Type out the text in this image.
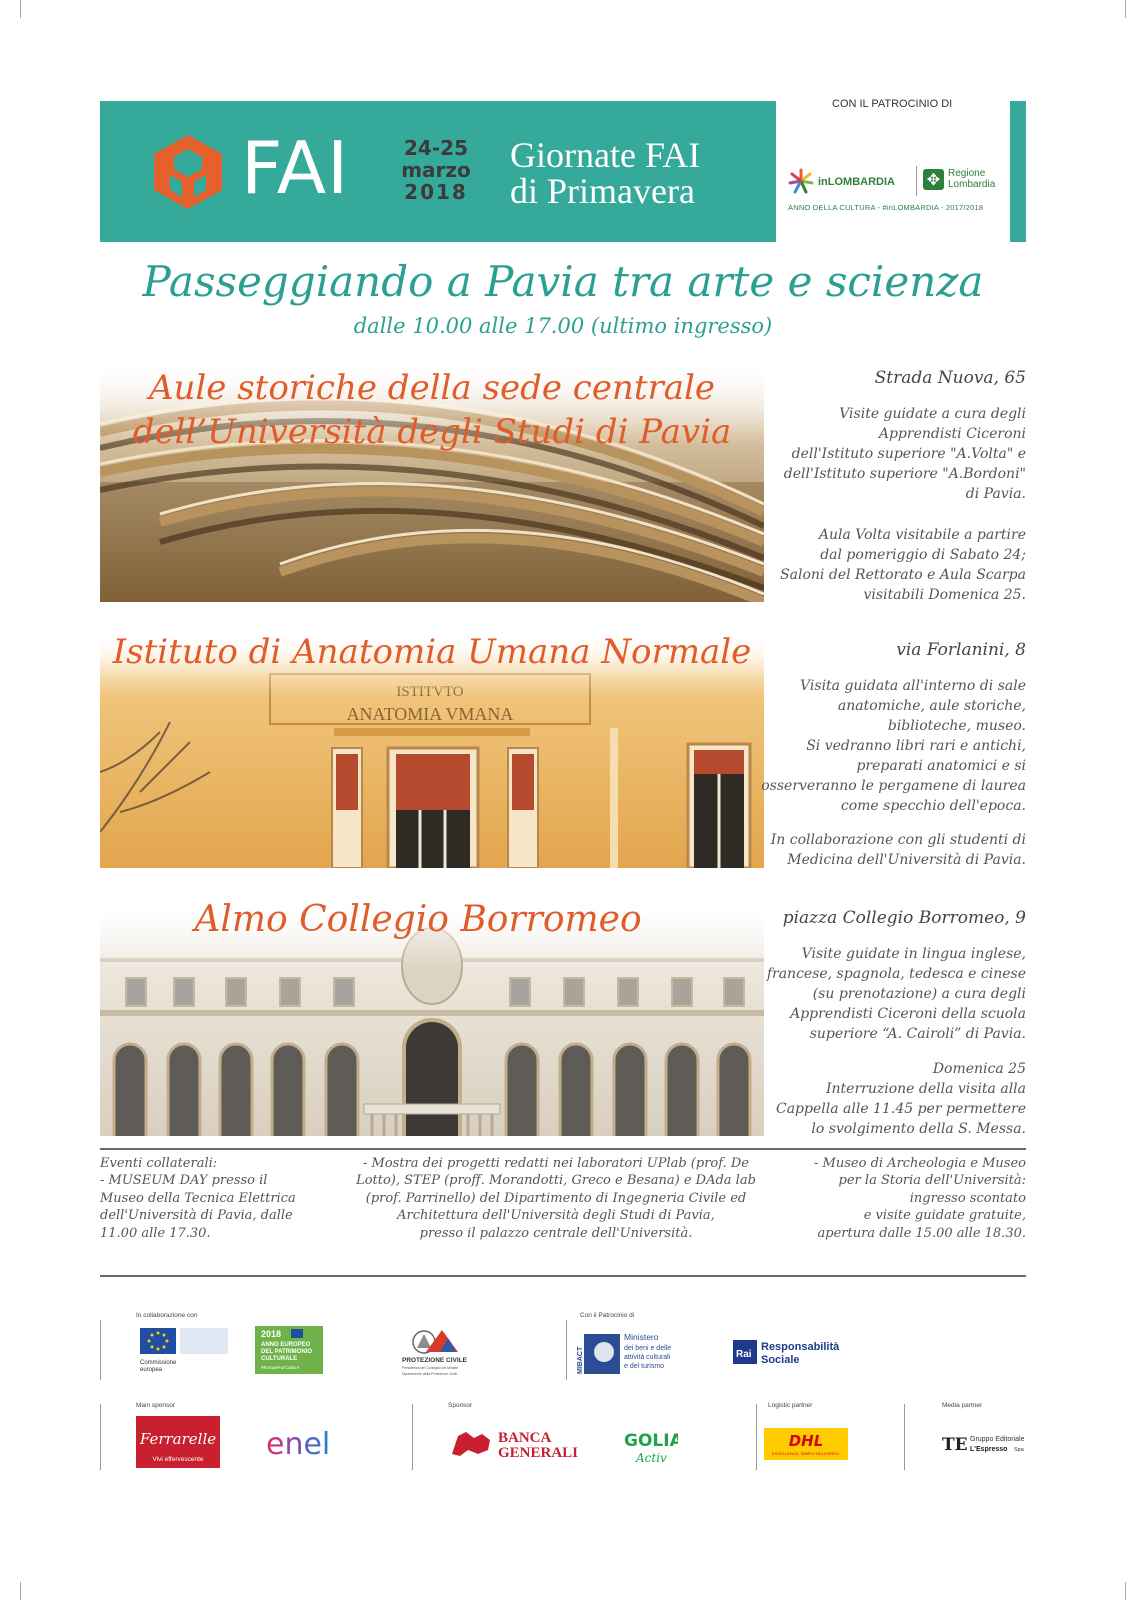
FAI	24-25
marzo
2018
Giornate FAI
di Primavera
CON IL PATROCINIO DI
inLOMBARDIA ✥ Regione
Lombardia
ANNO DELLA CULTURA - #inLOMBARDIA - 2017/2018
Passeggiando a Pavia tra arte e scienza
dalle 10.00 alle 17.00 (ultimo ingresso)
Aule storiche della sede centrale
dell’Università degli Studi di Pavia
Strada Nuova, 65
Visite guidate a cura degli
Apprendisti Ciceroni
dell'Istituto superiore "A.Volta" e
dell'Istituto superiore "A.Bordoni"
di Pavia.
Aula Volta visitabile a partire
dal pomeriggio di Sabato 24;
Saloni del Rettorato e Aula Scarpa
visitabili Domenica 25.
Istituto di Anatomia Umana Normale	via Forlanini, 8
Visita guidata all'interno di sale
anatomiche, aule storiche,
biblioteche, museo.
Si vedranno libri rari e antichi,
preparati anatomici e si
osserveranno le pergamene di laurea
come specchio dell'epoca.
In collaborazione con gli studenti di
Medicina dell'Università di Pavia.
Almo Collegio Borromeo	piazza Collegio Borromeo, 9
Visite guidate in lingua inglese,
francese, spagnola, tedesca e cinese
(su prenotazione) a cura degli
Apprendisti Ciceroni della scuola
superiore “A. Cairoli” di Pavia.
Domenica 25
Interruzione della visita alla
Cappella alle 11.45 per permettere
lo svolgimento della S. Messa.
Eventi collaterali:
- MUSEUM DAY presso il
Museo della Tecnica Elettrica
dell'Università di Pavia, dalle
11.00 alle 17.30.
- Mostra dei progetti redatti nei laboratori UPlab (prof. De
Lotto), STEP (proff. Morandotti, Greco e Besana) e DAda lab
(prof. Parrinello) del Dipartimento di Ingegneria Civile ed
Architettura dell'Università degli Studi di Pavia,
presso il palazzo centrale dell'Università.
- Museo di Archeologia e Museo
per la Storia dell'Università:
ingresso scontato
e visite guidate gratuite,
apertura dalle 15.00 alle 18.30.
In collaborazione con	Con il Patrocinio di
Commissione
europea
2018
ANNO EUROPEO
DEL PATRIMONIO
CULTURALE
#EuropeForCulture
PROTEZIONE CIVILE
Presidenza del Consiglio dei Ministri
Dipartimento della Protezione Civile	MIBACT
Ministero
dei beni e delle
attività culturali
e del turismo
Rai
Responsabilità
Sociale
Main sponsor	Sponsor	Logistic partner	Media partner
Ferrarelle
Vivi effervescente enel	BANCA
GENERALI
GOLIA
Activ
DHL
EXCELLENCE. SIMPLY DELIVERED.	TE Gruppo Editoriale
L'Espresso Spa
